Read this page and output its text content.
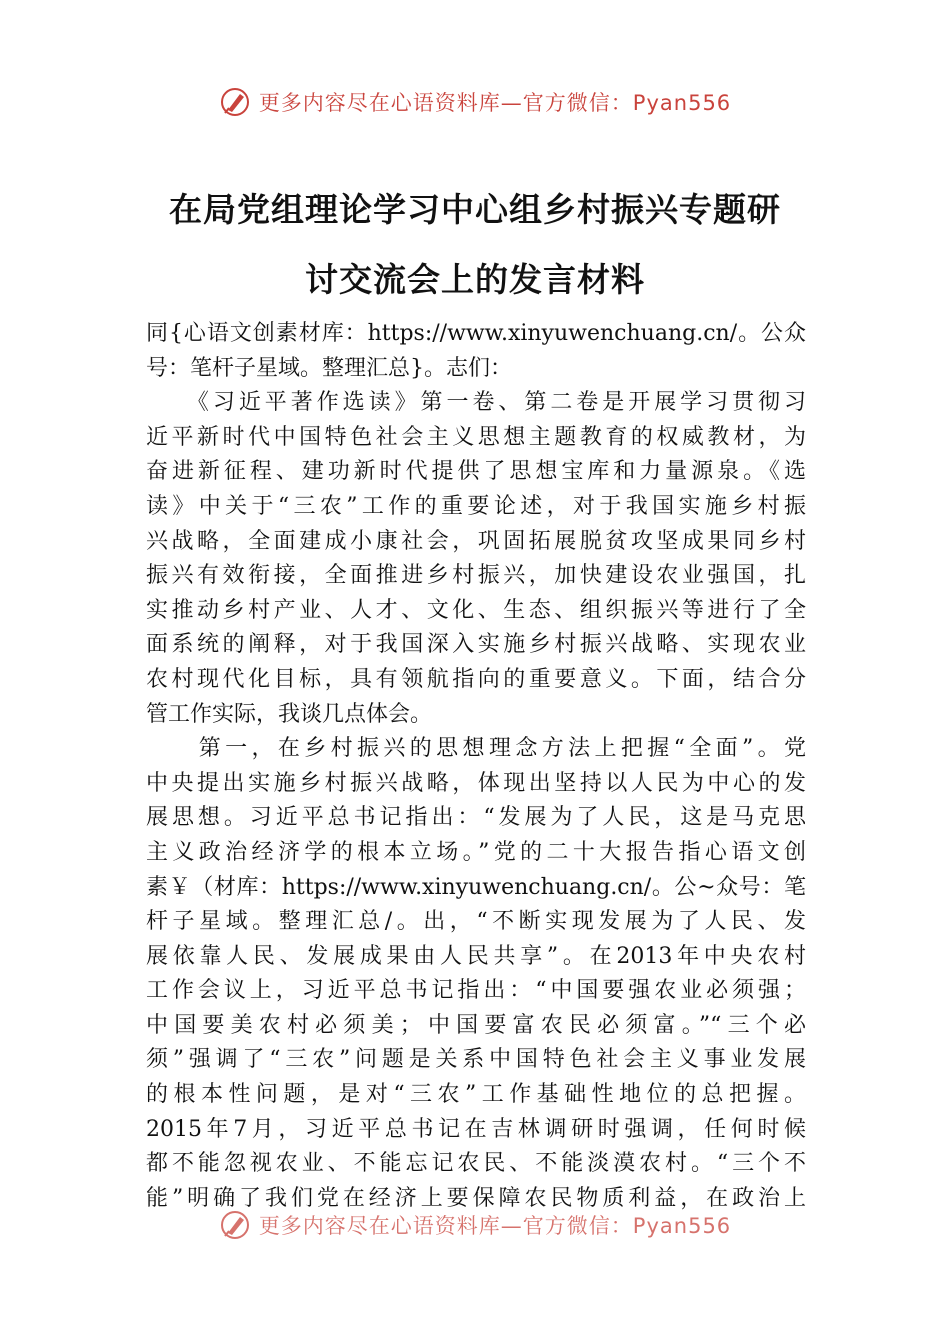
更多内容尽在心语资料库—官方微信：Pyan556
在局党组理论学习中心组乡村振兴专题研
讨交流会上的发言材料
同{心语文创素材库：https://www.xinyuwenchuang.cn/。公众
号：笔杆子星域。整理汇总}。志们：
　　《习近平著作选读》第一卷、第二卷是开展学习贯彻习
近平新时代中国特色社会主义思想主题教育的权威教材，为
奋进新征程、建功新时代提供了思想宝库和力量源泉。《选
读》中关于“三农”工作的重要论述，对于我国实施乡村振
兴战略，全面建成小康社会，巩固拓展脱贫攻坚成果同乡村
振兴有效衔接，全面推进乡村振兴，加快建设农业强国，扎
实推动乡村产业、人才、文化、生态、组织振兴等进行了全
面系统的阐释，对于我国深入实施乡村振兴战略、实现农业
农村现代化目标，具有领航指向的重要意义。下面，结合分
管工作实际，我谈几点体会。
　　第一，在乡村振兴的思想理念方法上把握“全面”。党
中央提出实施乡村振兴战略，体现出坚持以人民为中心的发
展思想。习近平总书记指出：“发展为了人民，这是马克思
主义政治经济学的根本立场。”党的二十大报告指心语文创
素￥（材库：https://www.xinyuwenchuang.cn/。公~众号：笔
杆子星域。整理汇总/。出，“不断实现发展为了人民、发
展依靠人民、发展成果由人民共享”。在2013年中央农村
工作会议上，习近平总书记指出：“中国要强农业必须强；
中国要美农村必须美；中国要富农民必须富。”“三个必
须”强调了“三农”问题是关系中国特色社会主义事业发展
的根本性问题，是对“三农”工作基础性地位的总把握。
2015年7月，习近平总书记在吉林调研时强调，任何时候
都不能忽视农业、不能忘记农民、不能淡漠农村。“三个不
能”明确了我们党在经济上要保障农民物质利益，在政治上
更多内容尽在心语资料库—官方微信：Pyan556
